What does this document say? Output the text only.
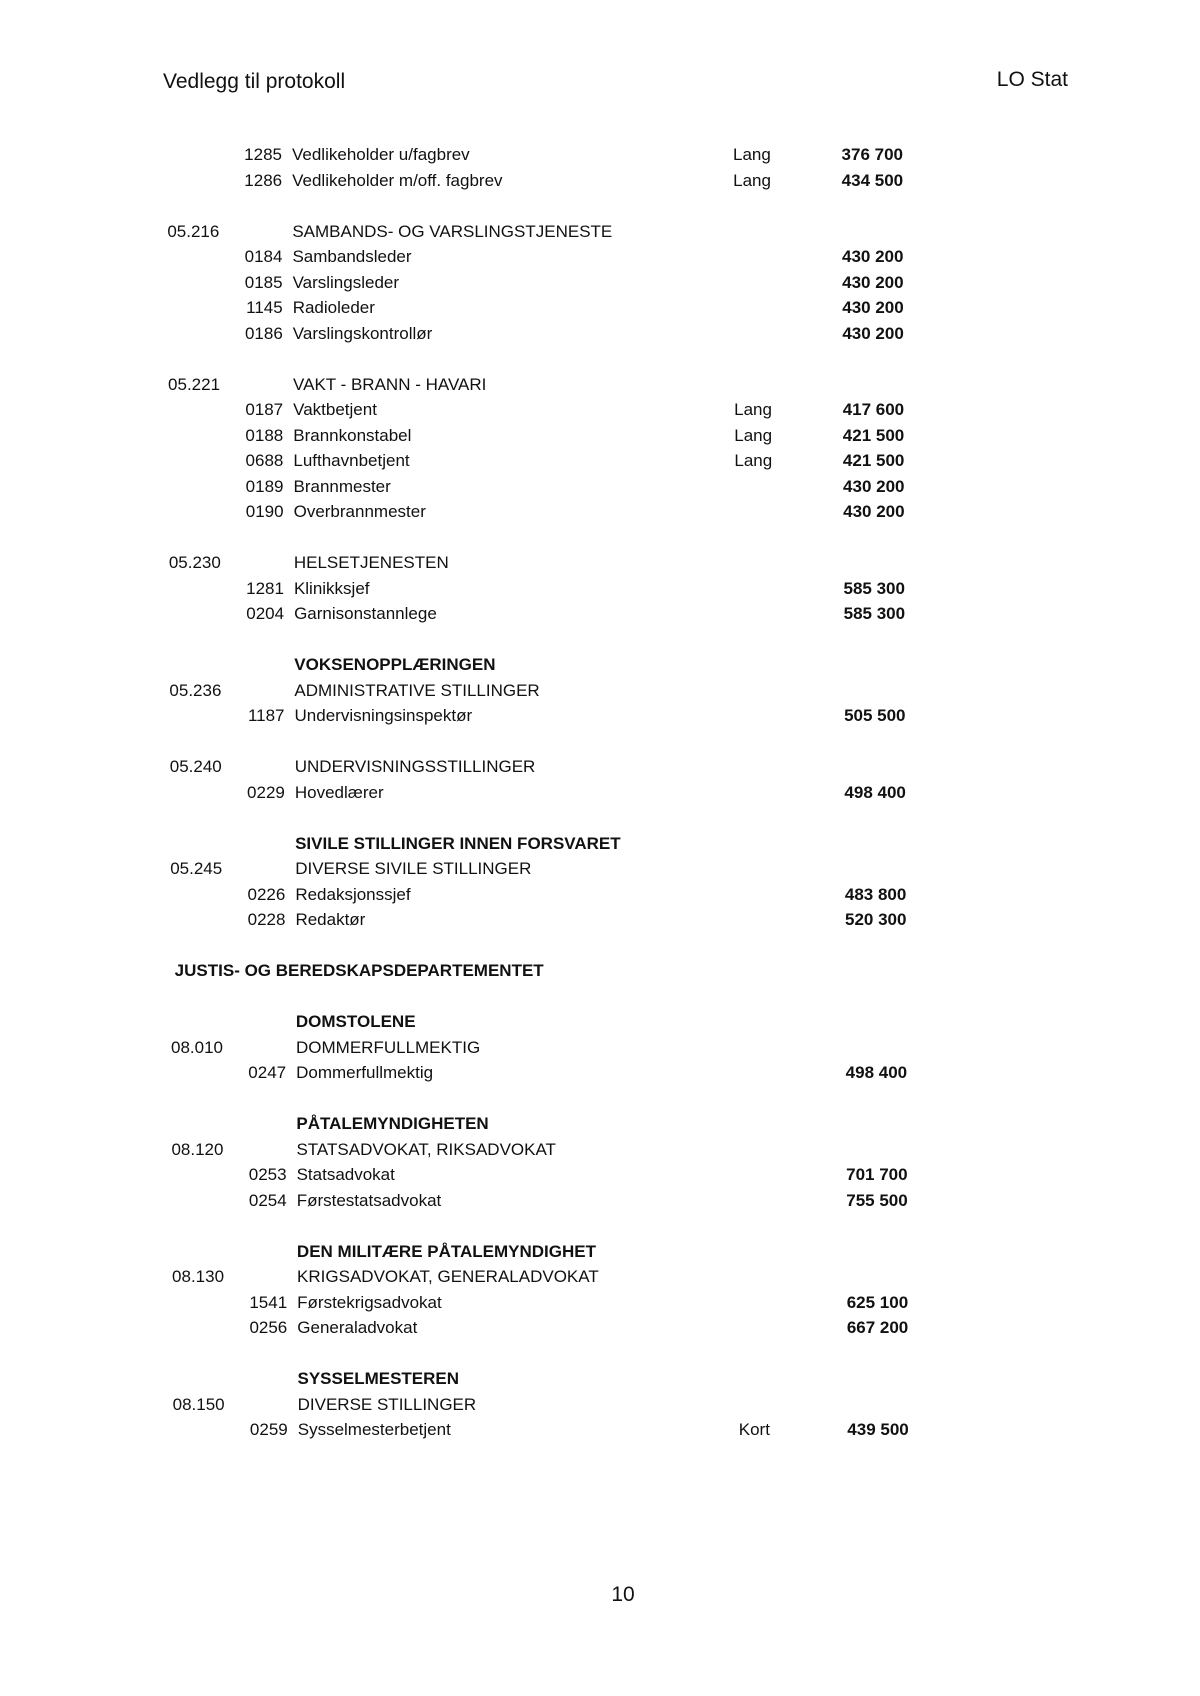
Vedlegg til protokoll	LO Stat
1285 Vedlikeholder u/fagbrev	Lang	376 700
1286 Vedlikeholder m/off. fagbrev	Lang	434 500
05.216	SAMBANDS- OG VARSLINGSTJENESTE
0184 Sambandsleder	430 200
0185 Varslingsleder	430 200
1145 Radioleder	430 200
0186 Varslingskontrollør	430 200
05.221	VAKT - BRANN - HAVARI
0187 Vaktbetjent	Lang	417 600
0188 Brannkonstabel	Lang	421 500
0688 Lufthavnbetjent	Lang	421 500
0189 Brannmester	430 200
0190 Overbrannmester	430 200
05.230	HELSETJENESTEN
1281 Klinikksjef	585 300
0204 Garnisonstannlege	585 300
VOKSENOPPLÆRINGEN
05.236	ADMINISTRATIVE STILLINGER
1187 Undervisningsinspektør	505 500
05.240	UNDERVISNINGSSTILLINGER
0229 Hovedlærer	498 400
SIVILE STILLINGER INNEN FORSVARET
05.245	DIVERSE SIVILE STILLINGER
0226 Redaksjonssjef	483 800
0228 Redaktør	520 300
JUSTIS- OG BEREDSKAPSDEPARTEMENTET
DOMSTOLENE
08.010	DOMMERFULLMEKTIG
0247 Dommerfullmektig	498 400
PÅTALEMYNDIGHETEN
08.120	STATSADVOKAT, RIKSADVOKAT
0253 Statsadvokat	701 700
0254 Førstestatsadvokat	755 500
DEN MILITÆRE PÅTALEMYNDIGHET
08.130	KRIGSADVOKAT, GENERALADVOKAT
1541 Førstekrigsadvokat	625 100
0256 Generaladvokat	667 200
SYSSELMESTEREN
08.150	DIVERSE STILLINGER
0259 Sysselmesterbetjent	Kort	439 500
10
